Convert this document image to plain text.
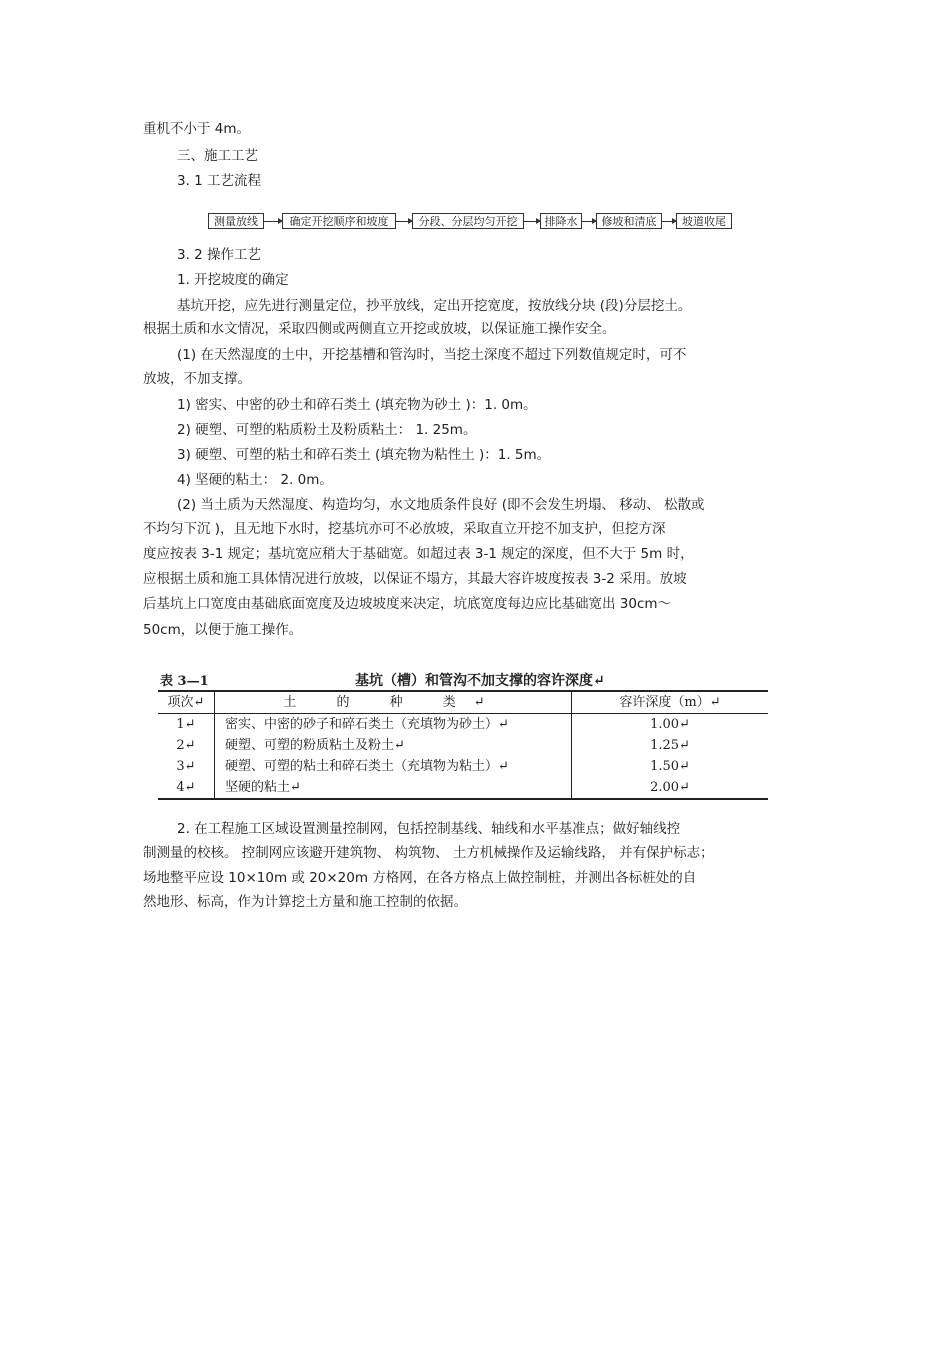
重机不小于 4m。
三、施工工艺
3. 1 工艺流程
测量放线	确定开挖顺序和坡度	分段、分层均匀开挖	排降水	修坡和清底	坡道收尾
3. 2 操作工艺
1. 开挖坡度的确定
基坑开挖，应先进行测量定位，抄平放线，定出开挖宽度，按放线分块 (段)分层挖土。
根据土质和水文情况，采取四侧或两侧直立开挖或放坡，以保证施工操作安全。
(1) 在天然湿度的土中，开挖基槽和管沟时，当挖土深度不超过下列数值规定时，可不
放坡，不加支撑。
1) 密实、中密的砂土和碎石类土 (填充物为砂土 )：1. 0m。
2) 硬塑、可塑的粘质粉土及粉质粘土： 1. 25m。
3) 硬塑、可塑的粘土和碎石类土 (填充物为粘性土 )：1. 5m。
4) 坚硬的粘土： 2. 0m。
(2) 当土质为天然湿度、构造均匀，水文地质条件良好 (即不会发生坍塌、 移动、 松散或
不均匀下沉 )，且无地下水时，挖基坑亦可不必放坡，采取直立开挖不加支护，但挖方深
度应按表 3-1 规定；基坑宽应稍大于基础宽。如超过表 3-1 规定的深度，但不大于 5m 时，
应根据土质和施工具体情况进行放坡，以保证不塌方，其最大容许坡度按表 3-2 采用。放坡
后基坑上口宽度由基础底面宽度及边坡坡度来决定，坑底宽度每边应比基础宽出 30cm～
50cm，以便于施工操作。
表 3—1	基坑（槽）和管沟不加支撑的容许深度↵
项次↵	土 的 种 类↵	容许深度（m）↵
1↵	密实、中密的砂子和碎石类土（充填物为砂土）↵	1.00↵
2↵	硬塑、可塑的粉质粘土及粉土↵	1.25↵
3↵	硬塑、可塑的粘土和碎石类土（充填物为粘土）↵	1.50↵
4↵	坚硬的粘土↵	2.00↵
2. 在工程施工区域设置测量控制网，包括控制基线、轴线和水平基准点；做好轴线控
制测量的校核。 控制网应该避开建筑物、 构筑物、 土方机械操作及运输线路， 并有保护标志；
场地整平应设 10×10m 或 20×20m 方格网，在各方格点上做控制桩，并测出各标桩处的自
然地形、标高，作为计算挖土方量和施工控制的依据。
